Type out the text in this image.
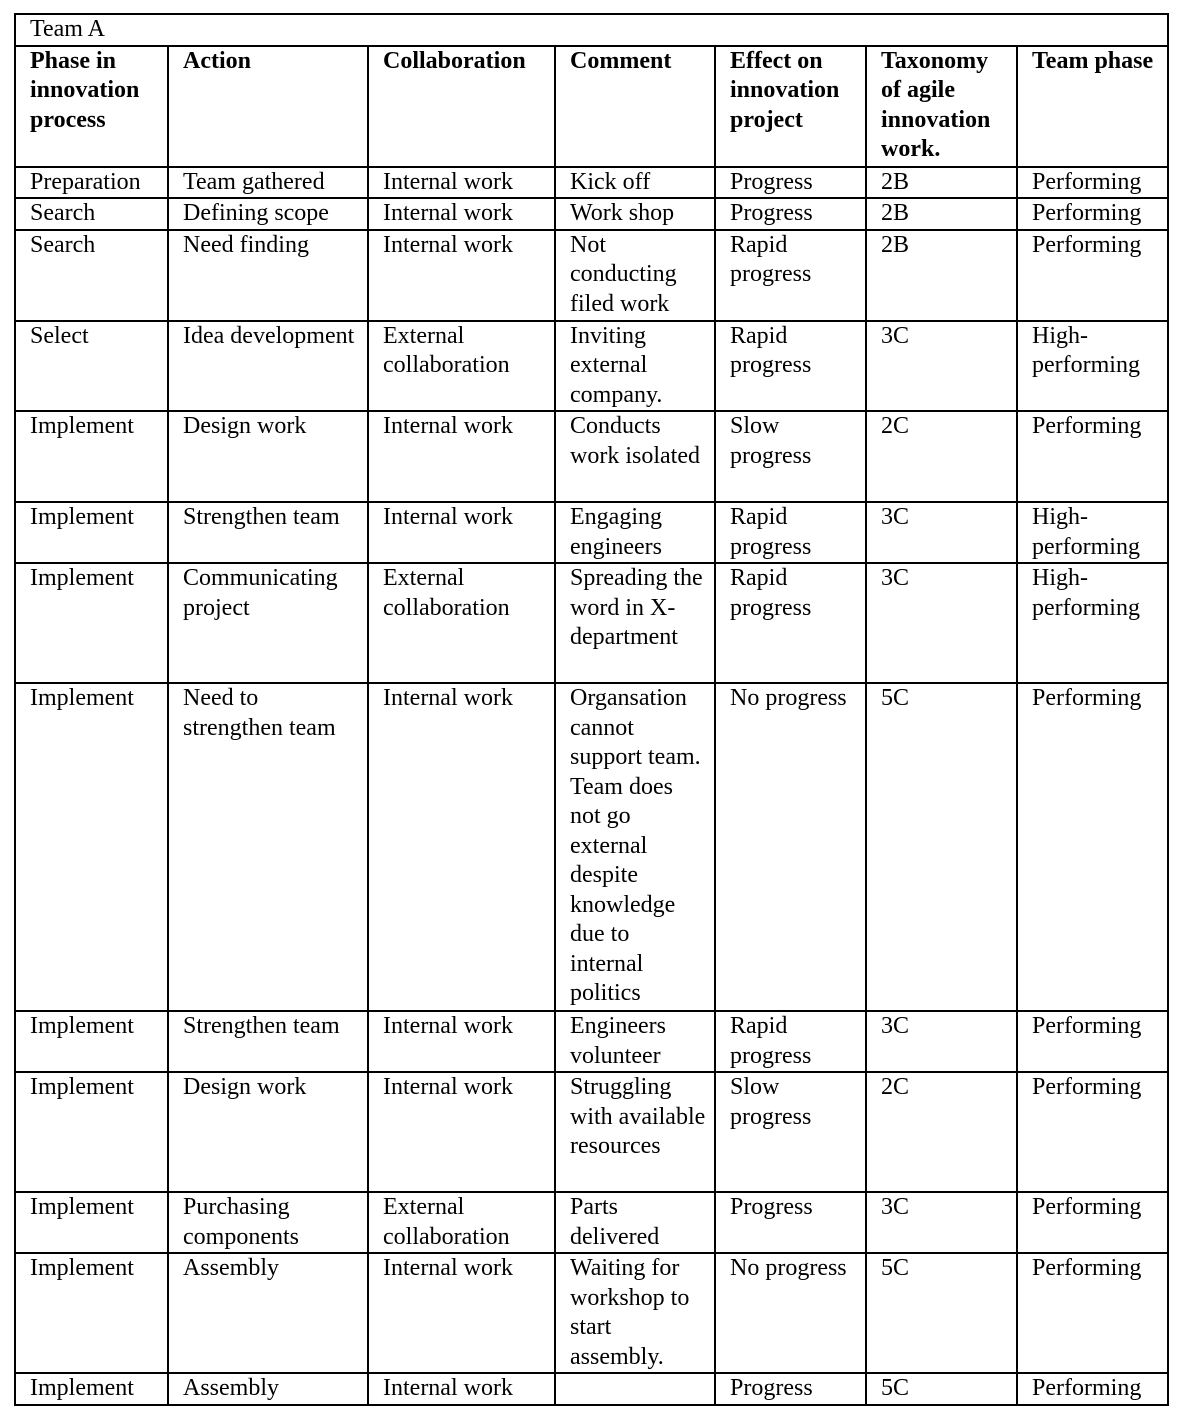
Team A						
Phase in innovation process	Action	Collaboration	Comment	Effect on innovation project	Taxonomy of agile innovation work.	Team phase
Preparation	Team gathered	Internal work	Kick off	Progress	2B	Performing
Search	Defining scope	Internal work	Work shop	Progress	2B	Performing
Search	Need finding	Internal work	Not conducting filed work	Rapid progress	2B	Performing
Select	Idea development	External collaboration	Inviting external company.	Rapid progress	3C	High-performing
Implement	Design work	Internal work	Conducts work isolated	Slow progress	2C	Performing
Implement	Strengthen team	Internal work	Engaging engineers	Rapid progress	3C	High-performing
Implement	Communicating project	External collaboration	Spreading the word in X-department	Rapid progress	3C	High-performing
Implement	Need to strengthen team	Internal work	Organsation cannot support team. Team does not go external despite knowledge due to internal politics	No progress	5C	Performing
Implement	Strengthen team	Internal work	Engineers volunteer	Rapid progress	3C	Performing
Implement	Design work	Internal work	Struggling with available resources	Slow progress	2C	Performing
Implement	Purchasing components	External collaboration	Parts delivered	Progress	3C	Performing
Implement	Assembly	Internal work	Waiting for workshop to start assembly.	No progress	5C	Performing
Implement	Assembly	Internal work		Progress	5C	Performing
